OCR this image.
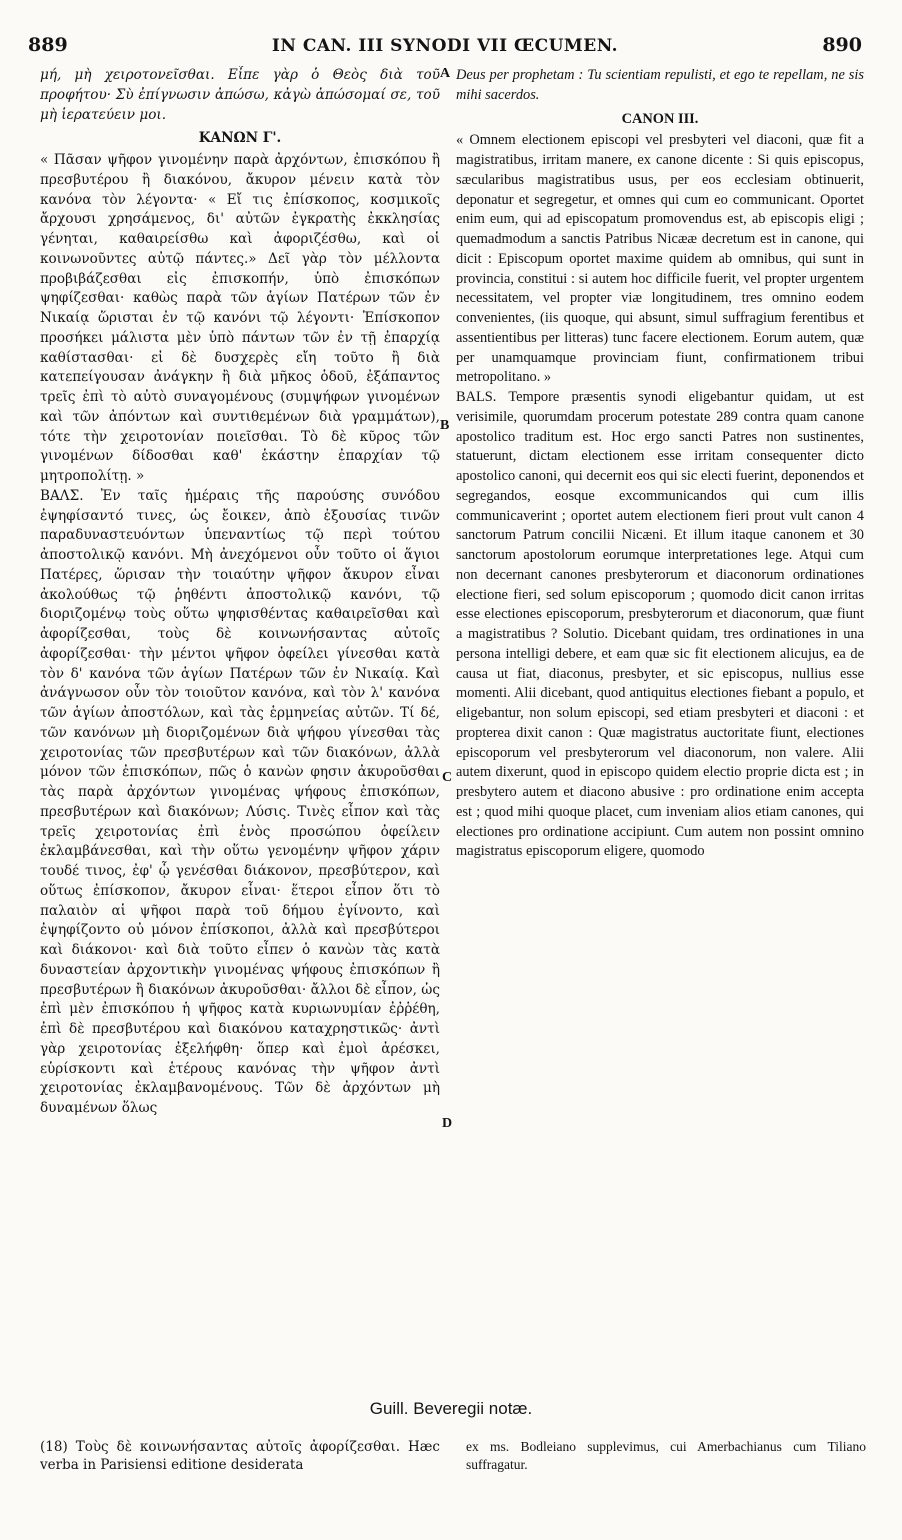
889	IN CAN. III SYNODI VII ŒCUMEN.	890

μή, μὴ χειροτονεῖσθαι. Εἶπε γὰρ ὁ Θεὸς διὰ τοῦ προφήτου· Σὺ ἐπίγνωσιν ἀπώσω, κἀγὼ ἀπώσομαί σε, τοῦ μὴ ἱερατεύειν μοι.

ΚΑΝΩΝ Γ'.

« Πᾶσαν ψῆφον γινομένην παρὰ ἀρχόντων, ἐπισκόπου ἢ πρεσβυτέρου ἢ διακόνου, ἄκυρον μένειν κατὰ τὸν κανόνα τὸν λέγοντα· « Εἴ τις ἐπίσκοπος, κοσμικοῖς ἄρχουσι χρησάμενος, δι' αὐτῶν ἐγκρατὴς ἐκκλησίας γένηται, καθαιρείσθω καὶ ἀφοριζέσθω, καὶ οἱ κοινωνοῦντες αὐτῷ πάντες.» Δεῖ γὰρ τὸν μέλλοντα προβιβάζεσθαι εἰς ἐπισκοπήν, ὑπὸ ἐπισκόπων ψηφίζεσθαι· καθὼς παρὰ τῶν ἁγίων Πατέρων τῶν ἐν Νικαίᾳ ὥρισται ἐν τῷ κανόνι τῷ λέγοντι· Ἐπίσκοπον προσήκει μάλιστα μὲν ὑπὸ πάντων τῶν ἐν τῇ ἐπαρχίᾳ καθίστασθαι· εἰ δὲ δυσχερὲς εἴη τοῦτο ἢ διὰ κατεπείγουσαν ἀνάγκην ἢ διὰ μῆκος ὁδοῦ, ἐξάπαντος τρεῖς ἐπὶ τὸ αὐτὸ συναγομένους (συμψήφων γινομένων καὶ τῶν ἀπόντων καὶ συντιθεμένων διὰ γραμμάτων), τότε τὴν χειροτονίαν ποιεῖσθαι. Τὸ δὲ κῦρος τῶν γινομένων δίδοσθαι καθ' ἑκάστην ἐπαρχίαν τῷ μητροπολίτῃ. »

ΒΑΛΣ. Ἐν ταῖς ἡμέραις τῆς παρούσης συνόδου ἐψηφίσαντό τινες, ὡς ἔοικεν, ἀπὸ ἐξουσίας τινῶν παραδυναστευόντων ὑπεναντίως τῷ περὶ τούτου ἀποστολικῷ κανόνι. Μὴ ἀνεχόμενοι οὖν τοῦτο οἱ ἅγιοι Πατέρες, ὥρισαν τὴν τοιαύτην ψῆφον ἄκυρον εἶναι ἀκολούθως τῷ ῥηθέντι ἀποστολικῷ κανόνι, τῷ διοριζομένῳ τοὺς οὕτω ψηφισθέντας καθαιρεῖσθαι καὶ ἀφορίζεσθαι, τοὺς δὲ κοινωνήσαντας αὐτοῖς ἀφορίζεσθαι· τὴν μέντοι ψῆφον ὀφείλει γίνεσθαι κατὰ τὸν δ' κανόνα τῶν ἁγίων Πατέρων τῶν ἐν Νικαίᾳ. Καὶ ἀνάγνωσον οὖν τὸν τοιοῦτον κανόνα, καὶ τὸν λ' κανόνα τῶν ἁγίων ἀποστόλων, καὶ τὰς ἑρμηνείας αὐτῶν. Τί δέ, τῶν κανόνων μὴ διοριζομένων διὰ ψήφου γίνεσθαι τὰς χειροτονίας τῶν πρεσβυτέρων καὶ τῶν διακόνων, ἀλλὰ μόνον τῶν ἐπισκόπων, πῶς ὁ κανὼν φησιν ἀκυροῦσθαι τὰς παρὰ ἀρχόντων γινομένας ψήφους ἐπισκόπων, πρεσβυτέρων καὶ διακόνων; Λύσις. Τινὲς εἶπον καὶ τὰς τρεῖς χειροτονίας ἐπὶ ἑνὸς προσώπου ὀφείλειν ἐκλαμβάνεσθαι, καὶ τὴν οὕτω γενομένην ψῆφον χάριν τουδέ τινος, ἐφ' ᾧ γενέσθαι διάκονον, πρεσβύτερον, καὶ οὕτως ἐπίσκοπον, ἄκυρον εἶναι· ἕτεροι εἶπον ὅτι τὸ παλαιὸν αἱ ψῆφοι παρὰ τοῦ δήμου ἐγίνοντο, καὶ ἐψηφίζοντο οὐ μόνον ἐπίσκοποι, ἀλλὰ καὶ πρεσβύτεροι καὶ διάκονοι· καὶ διὰ τοῦτο εἶπεν ὁ κανὼν τὰς κατὰ δυναστείαν ἀρχοντικὴν γινομένας ψήφους ἐπισκόπων ἢ πρεσβυτέρων ἢ διακόνων ἀκυροῦσθαι· ἄλλοι δὲ εἶπον, ὡς ἐπὶ μὲν ἐπισκόπου ἡ ψῆφος κατὰ κυριωνυμίαν ἐῤῥέθη, ἐπὶ δὲ πρεσβυτέρου καὶ διακόνου καταχρηστικῶς· ἀντὶ γὰρ χειροτονίας ἐξελήφθη· ὅπερ καὶ ἐμοὶ ἀρέσκει, εὑρίσκοντι καὶ ἑτέρους κανόνας τὴν ψῆφον ἀντὶ χειροτονίας ἐκλαμβανομένους. Τῶν δὲ ἀρχόντων μὴ δυναμένων ὅλως

Deus per prophetam : Tu scientiam repulisti, et ego te repellam, ne sis mihi sacerdos.

CANON III.

« Omnem electionem episcopi vel presbyteri vel diaconi, quæ fit a magistratibus, irritam manere, ex canone dicente : Si quis episcopus, sæcularibus magistratibus usus, per eos ecclesiam obtinuerit, deponatur et segregetur, et omnes qui cum eo communicant. Oportet enim eum, qui ad episcopatum promovendus est, ab episcopis eligi ; quemadmodum a sanctis Patribus Nicææ decretum est in canone, qui dicit : Episcopum oportet maxime quidem ab omnibus, qui sunt in provincia, constitui : si autem hoc difficile fuerit, vel propter urgentem necessitatem, vel propter viæ longitudinem, tres omnino eodem convenientes, (iis quoque, qui absunt, simul suffragium ferentibus et assentientibus per litteras) tunc facere electionem. Eorum autem, quæ per unamquamque provinciam fiunt, confirmationem tribui metropolitano. »

BALS. Tempore præsentis synodi eligebantur quidam, ut est verisimile, quorumdam procerum potestate 289 contra quam canone apostolico traditum est. Hoc ergo sancti Patres non sustinentes, statuerunt, dictam electionem esse irritam consequenter dicto apostolico canoni, qui decernit eos qui sic electi fuerint, deponendos et segregandos, eosque excommunicandos qui cum illis communicaverint ; oportet autem electionem fieri prout vult canon 4 sanctorum Patrum concilii Nicæni. Et illum itaque canonem et 30 sanctorum apostolorum eorumque interpretationes lege. Atqui cum non decernant canones presbyterorum et diaconorum ordinationes electione fieri, sed solum episcoporum ; quomodo dicit canon irritas esse electiones episcoporum, presbyterorum et diaconorum, quæ fiunt a magistratibus ? Solutio. Dicebant quidam, tres ordinationes in una persona intelligi debere, et eam quæ sic fit electionem alicujus, ea de causa ut fiat, diaconus, presbyter, et sic episcopus, nullius esse momenti. Alii dicebant, quod antiquitus electiones fiebant a populo, et eligebantur, non solum episcopi, sed etiam presbyteri et diaconi : et propterea dixit canon : Quæ magistratus auctoritate fiunt, electiones episcoporum vel presbyterorum vel diaconorum, non valere. Alii autem dixerunt, quod in episcopo quidem electio proprie dicta est ; in presbytero autem et diacono abusive : pro ordinatione enim accepta est ; quod mihi quoque placet, cum inveniam alios etiam canones, qui electiones pro ordinatione accipiunt. Cum autem non possint omnino magistratus episcoporum eligere, quomodo

A
B
C
D
Guill. Beveregii notæ.

(18) Τοὺς δὲ κοινωνήσαντας αὐτοῖς ἀφορίζεσθαι. Hæc verba in Parisiensi editione desiderata

ex ms. Bodleiano supplevimus, cui Amerbachianus cum Tiliano suffragatur.
